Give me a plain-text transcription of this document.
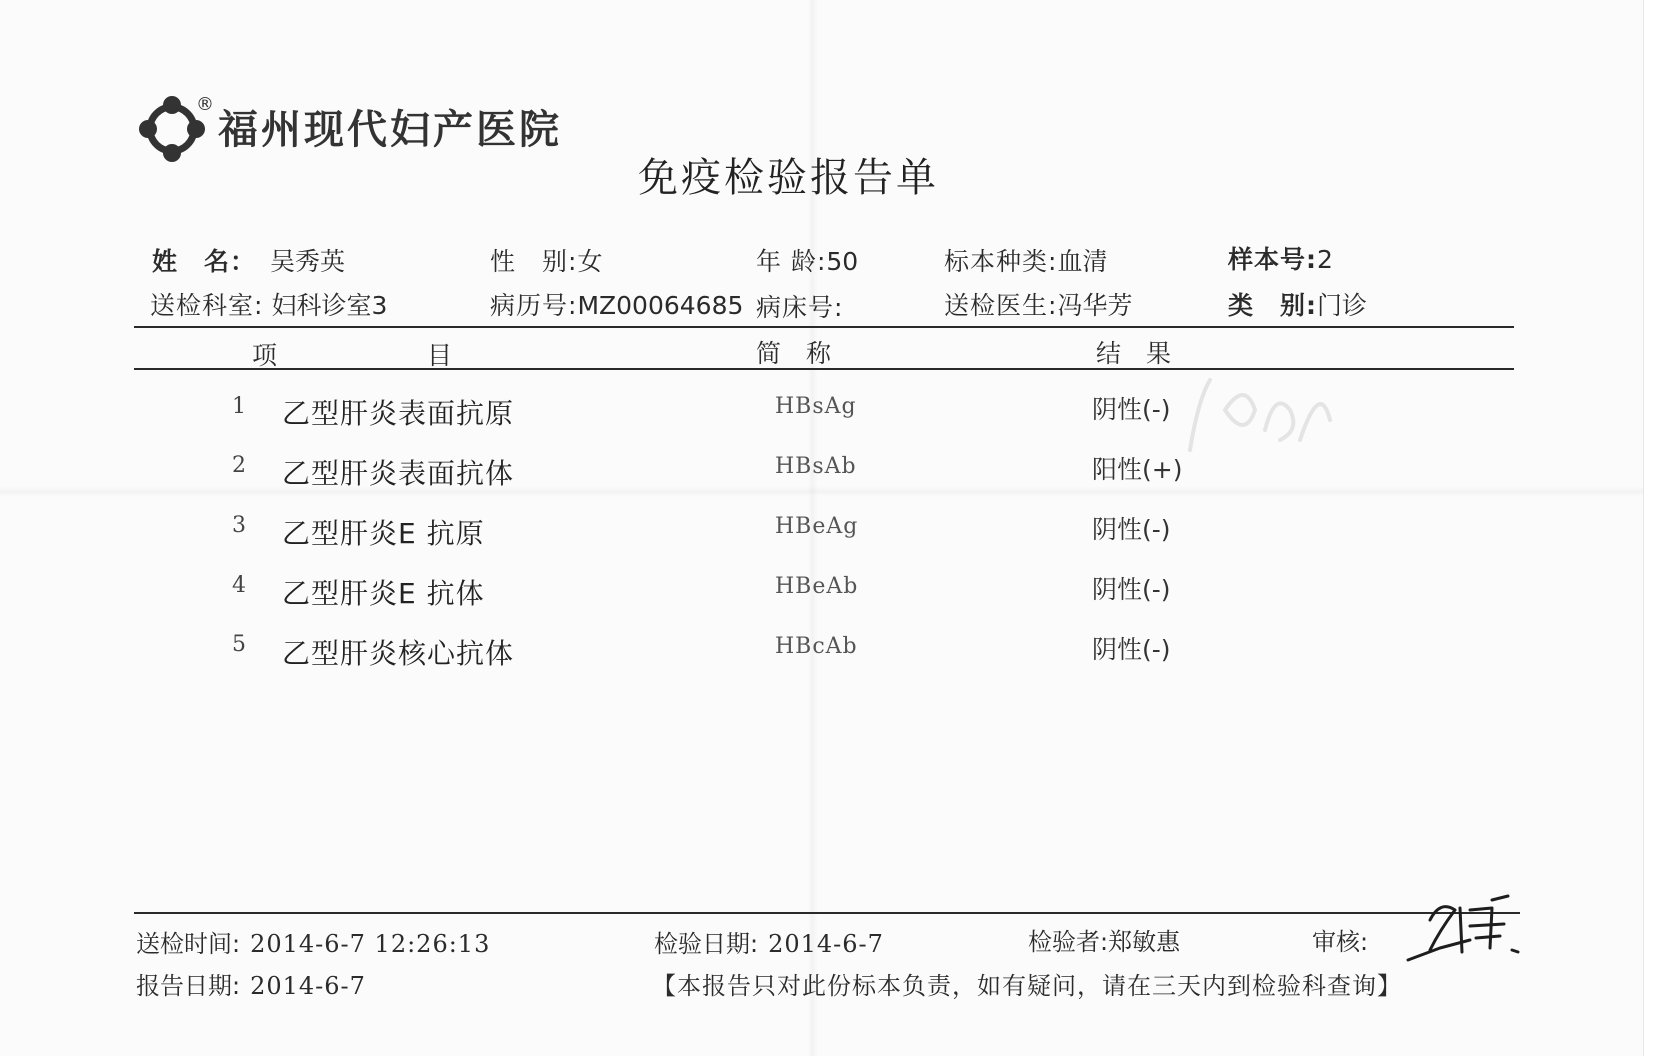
®
福州现代妇产医院
免疫检验报告单
姓　名： 吴秀英	性　别:女	年 龄:50	标本种类:血清	样本号:2
送检科室: 妇科诊室3	病历号:MZ00064685 病床号:	送检医生:冯华芳	类　别:门诊
项　　　　　　目	简　称	结　果
1 乙型肝炎表面抗原	HBsAg	阴性(-)
2 乙型肝炎表面抗体	HBsAb	阳性(+)
3 乙型肝炎E 抗原	HBeAg	阴性(-)
4 乙型肝炎E 抗体	HBeAb	阴性(-)
5 乙型肝炎核心抗体	HBcAb	阴性(-)
送检时间: 2014-6-7 12:26:13	检验日期: 2014-6-7	检验者:郑敏惠	审核:
报告日期: 2014-6-7	【本报告只对此份标本负责，如有疑问，请在三天内到检验科查询】
